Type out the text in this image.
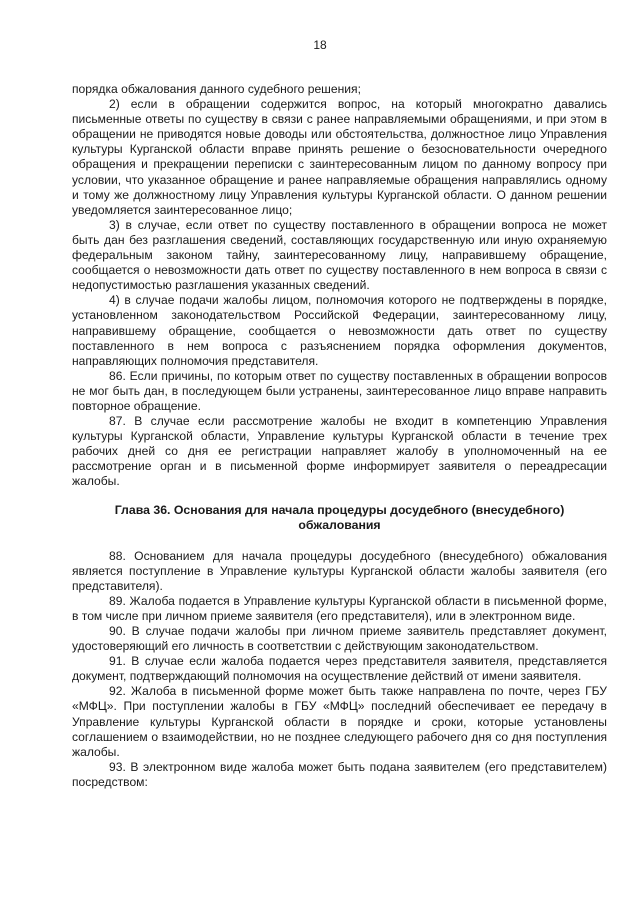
18

порядка обжалования данного судебного решения;

2) если в обращении содержится вопрос, на который многократно давались письменные ответы по существу в связи с ранее направляемыми обращениями, и при этом в обращении не приводятся новые доводы или обстоятельства, должностное лицо Управления культуры Курганской области вправе принять решение о безосновательности очередного обращения и прекращении переписки с заинтересованным лицом по данному вопросу при условии, что указанное обращение и ранее направляемые обращения направлялись одному и тому же должностному лицу Управления культуры Курганской области. О данном решении уведомляется заинтересованное лицо;

3) в случае, если ответ по существу поставленного в обращении вопроса не может быть дан без разглашения сведений, составляющих государственную или иную охраняемую федеральным законом тайну, заинтересованному лицу, направившему обращение, сообщается о невозможности дать ответ по существу поставленного в нем вопроса в связи с недопустимостью разглашения указанных сведений.

4) в случае подачи жалобы лицом, полномочия которого не подтверждены в порядке, установленном законодательством Российской Федерации, заинтересованному лицу, направившему обращение, сообщается о невозможности дать ответ по существу поставленного в нем вопроса с разъяснением порядка оформления документов, направляющих полномочия представителя.

86. Если причины, по которым ответ по существу поставленных в обращении вопросов не мог быть дан, в последующем были устранены, заинтересованное лицо вправе направить повторное обращение.

87. В случае если рассмотрение жалобы не входит в компетенцию Управления культуры Курганской области, Управление культуры Курганской области в течение трех рабочих дней со дня ее регистрации направляет жалобу в уполномоченный на ее рассмотрение орган и в письменной форме информирует заявителя о переадресации жалобы.

Глава 36. Основания для начала процедуры досудебного (внесудебного) обжалования

88. Основанием для начала процедуры досудебного (внесудебного) обжалования является поступление в Управление культуры Курганской области жалобы заявителя (его представителя).

89. Жалоба подается в Управление культуры Курганской области в письменной форме, в том числе при личном приеме заявителя (его представителя), или в электронном виде.

90. В случае подачи жалобы при личном приеме заявитель представляет документ, удостоверяющий его личность в соответствии с действующим законодательством.

91. В случае если жалоба подается через представителя заявителя, представляется документ, подтверждающий полномочия на осуществление действий от имени заявителя.

92. Жалоба в письменной форме может быть также направлена по почте, через ГБУ «МФЦ». При поступлении жалобы в ГБУ «МФЦ» последний обеспечивает ее передачу в Управление культуры Курганской области в порядке и сроки, которые установлены соглашением о взаимодействии, но не позднее следующего рабочего дня со дня поступления жалобы.

93. В электронном виде жалоба может быть подана заявителем (его представителем) посредством:
